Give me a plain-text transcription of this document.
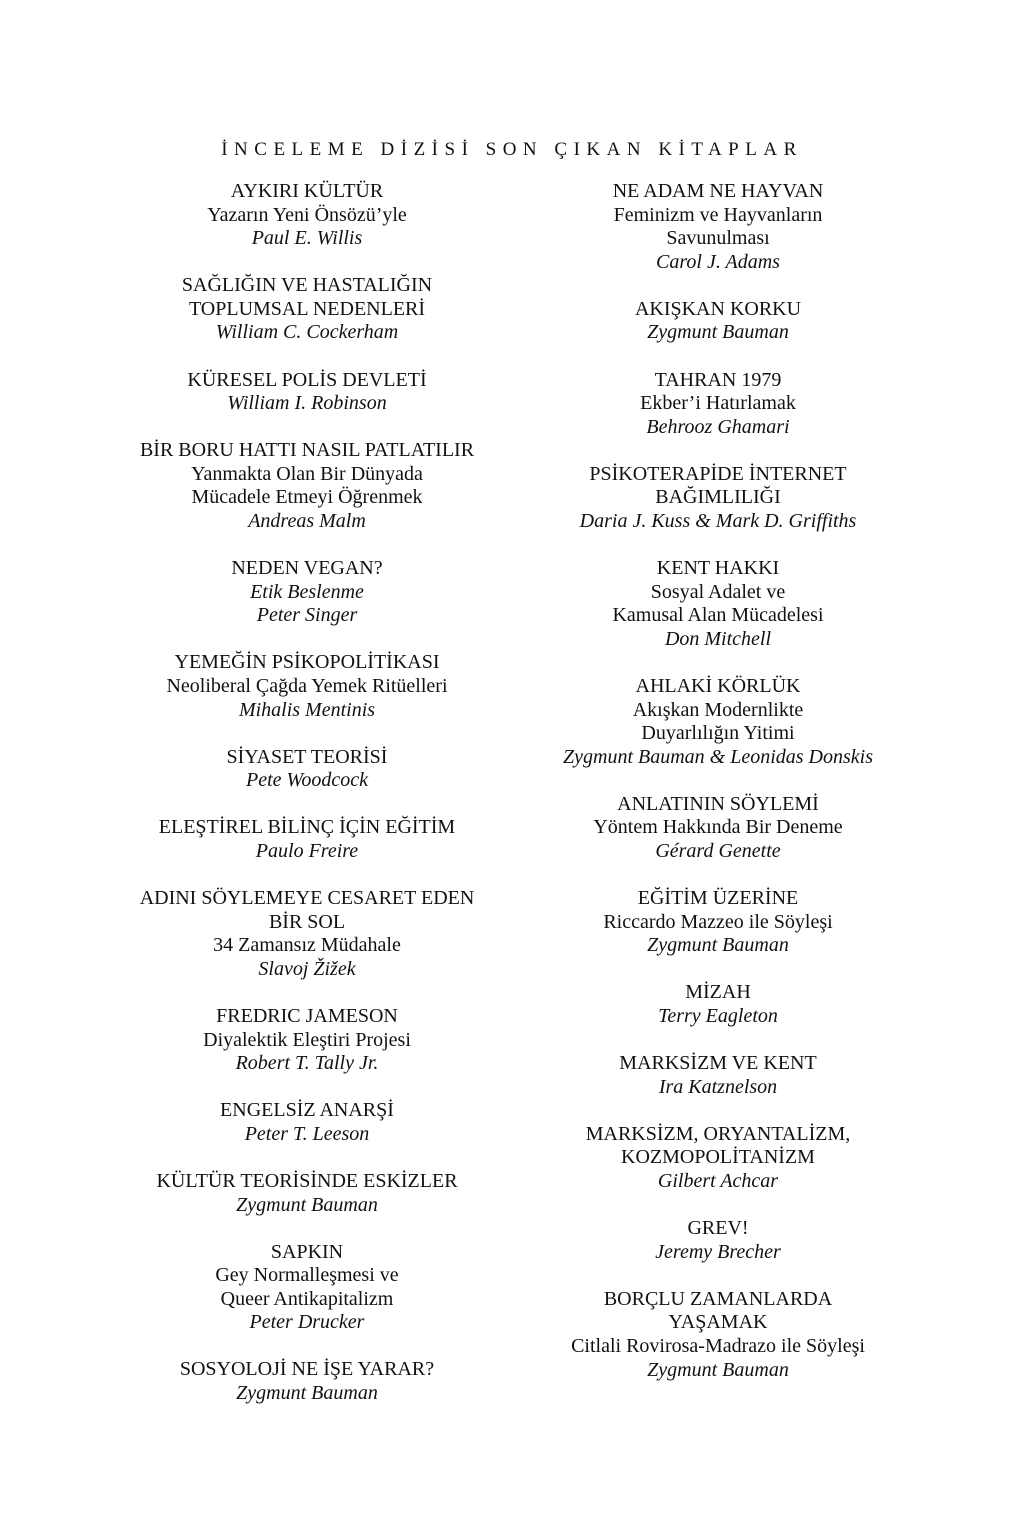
İNCELEME DİZİSİ SON ÇIKAN KİTAPLAR
AYKIRI KÜLTÜR
Yazarın Yeni Önsözü’yle
Paul E. Willis
SAĞLIĞIN VE HASTALIĞIN
TOPLUMSAL NEDENLERİ
William C. Cockerham
KÜRESEL POLİS DEVLETİ
William I. Robinson
BİR BORU HATTI NASIL PATLATILIR
Yanmakta Olan Bir Dünyada
Mücadele Etmeyi Öğrenmek
Andreas Malm
NEDEN VEGAN?
Etik Beslenme
Peter Singer
YEMEĞİN PSİKOPOLİTİKASI
Neoliberal Çağda Yemek Ritüelleri
Mihalis Mentinis
SİYASET TEORİSİ
Pete Woodcock
ELEŞTİREL BİLİNÇ İÇİN EĞİTİM
Paulo Freire
ADINI SÖYLEMEYE CESARET EDEN
BİR SOL
34 Zamansız Müdahale
Slavoj Žižek
FREDRIC JAMESON
Diyalektik Eleştiri Projesi
Robert T. Tally Jr.
ENGELSİZ ANARŞİ
Peter T. Leeson
KÜLTÜR TEORİSİNDE ESKİZLER
Zygmunt Bauman
SAPKIN
Gey Normalleşmesi ve
Queer Antikapitalizm
Peter Drucker
SOSYOLOJİ NE İŞE YARAR?
Zygmunt Bauman
NE ADAM NE HAYVAN
Feminizm ve Hayvanların
Savunulması
Carol J. Adams
AKIŞKAN KORKU
Zygmunt Bauman
TAHRAN 1979
Ekber’i Hatırlamak
Behrooz Ghamari
PSİKOTERAPİDE İNTERNET
BAĞIMLILIĞI
Daria J. Kuss & Mark D. Griffiths
KENT HAKKI
Sosyal Adalet ve
Kamusal Alan Mücadelesi
Don Mitchell
AHLAKİ KÖRLÜK
Akışkan Modernlikte
Duyarlılığın Yitimi
Zygmunt Bauman & Leonidas Donskis
ANLATININ SÖYLEMİ
Yöntem Hakkında Bir Deneme
Gérard Genette
EĞİTİM ÜZERİNE
Riccardo Mazzeo ile Söyleşi
Zygmunt Bauman
MİZAH
Terry Eagleton
MARKSİZM VE KENT
Ira Katznelson
MARKSİZM, ORYANTALİZM,
KOZMOPOLİTANİZM
Gilbert Achcar
GREV!
Jeremy Brecher
BORÇLU ZAMANLARDA
YAŞAMAK
Citlali Rovirosa-Madrazo ile Söyleşi
Zygmunt Bauman
